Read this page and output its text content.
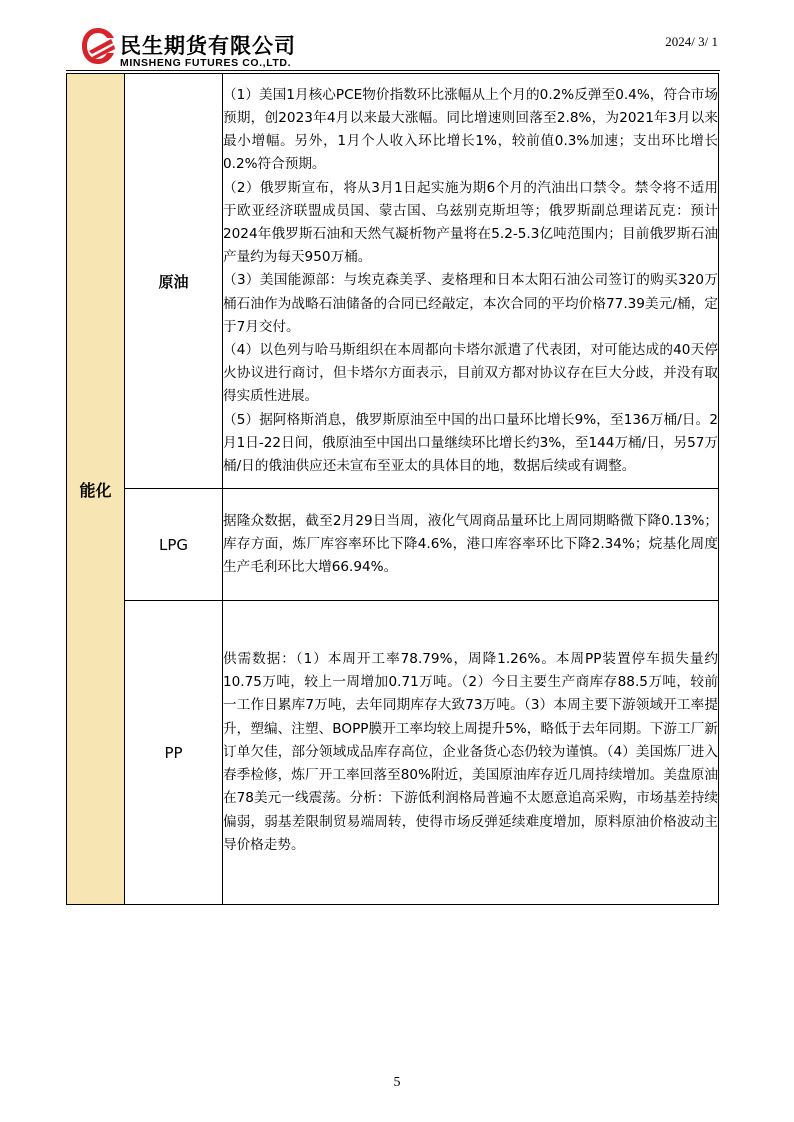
民生期货有限公司
MINSHENG FUTURES CO.,LTD.
2024/ 3/ 1
能化	原油	（1）美国1月核心PCE物价指数环比涨幅从上个月的0.2%反弹至0.4%，符合市场预期，创2023年4月以来最大涨幅。同比增速则回落至2.8%，为2021年3月以来最小增幅。另外，1月个人收入环比增长1%，较前值0.3%加速；支出环比增长0.2%符合预期。

（2）俄罗斯宣布，将从3月1日起实施为期6个月的汽油出口禁令。禁令将不适用于欧亚经济联盟成员国、蒙古国、乌兹别克斯坦等；俄罗斯副总理诺瓦克：预计2024年俄罗斯石油和天然气凝析物产量将在5.2-5.3亿吨范围内；目前俄罗斯石油产量约为每天950万桶。

（3）美国能源部：与埃克森美孚、麦格理和日本太阳石油公司签订的购买320万桶石油作为战略石油储备的合同已经敲定，本次合同的平均价格77.39美元/桶，定于7月交付。

（4）以色列与哈马斯组织在本周都向卡塔尔派遣了代表团，对可能达成的40天停火协议进行商讨，但卡塔尔方面表示，目前双方都对协议存在巨大分歧，并没有取得实质性进展。

（5）据阿格斯消息，俄罗斯原油至中国的出口量环比增长9%，至136万桶/日。2月1日-22日间，俄原油至中国出口量继续环比增长约3%，至144万桶/日，另57万桶/日的俄油供应还未宣布至亚太的具体目的地，数据后续或有调整。

	LPG	据隆众数据，截至2月29日当周，液化气周商品量环比上周同期略微下降0.13%；库存方面，炼厂库容率环比下降4.6%，港口库容率环比下降2.34%；烷基化周度生产毛利环比大增66.94%。

	PP	供需数据：（1）本周开工率78.79%，周降1.26%。本周PP装置停车损失量约10.75万吨，较上一周增加0.71万吨。（2）今日主要生产商库存88.5万吨，较前一工作日累库7万吨，去年同期库存大致73万吨。（3）本周主要下游领域开工率提升，塑编、注塑、BOPP膜开工率均较上周提升5%，略低于去年同期。下游工厂新订单欠佳，部分领域成品库存高位，企业备货心态仍较为谨慎。（4）美国炼厂进入春季检修，炼厂开工率回落至80%附近，美国原油库存近几周持续增加。美盘原油在78美元一线震荡。分析：下游低利润格局普遍不太愿意追高采购，市场基差持续偏弱，弱基差限制贸易端周转，使得市场反弹延续难度增加，原料原油价格波动主导价格走势。

5
